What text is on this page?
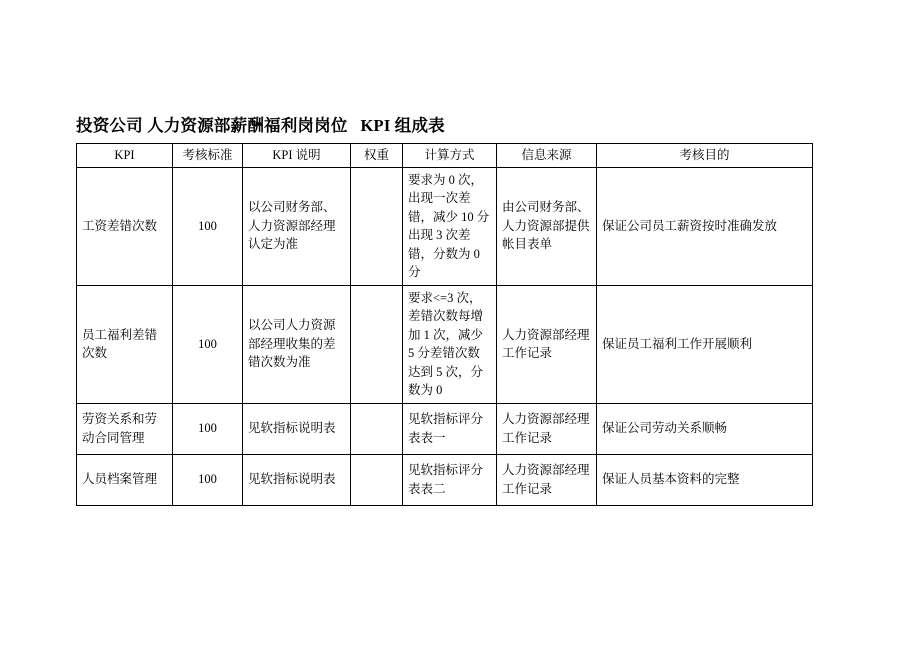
投资公司 人力资源部薪酬福利岗岗位   KPI 组成表
KPI	考核标准	KPI 说明	权重	计算方式	信息来源	考核目的
工资差错次数	100	以公司财务部、人力资源部经理认定为准		要求为 0 次，出现一次差错，减少 10 分出现 3 次差错，分数为 0 分	由公司财务部、人力资源部提供帐目表单	保证公司员工薪资按时准确发放
员工福利差错次数	100	以公司人力资源部经理收集的差错次数为准		要求<=3 次，差错次数每增加 1 次，减少 5 分差错次数达到 5 次，分数为 0	人力资源部经理工作记录	保证员工福利工作开展顺利
劳资关系和劳动合同管理	100	见软指标说明表		见软指标评分表表一	人力资源部经理工作记录	保证公司劳动关系顺畅
人员档案管理	100	见软指标说明表		见软指标评分表表二	人力资源部经理工作记录	保证人员基本资料的完整
